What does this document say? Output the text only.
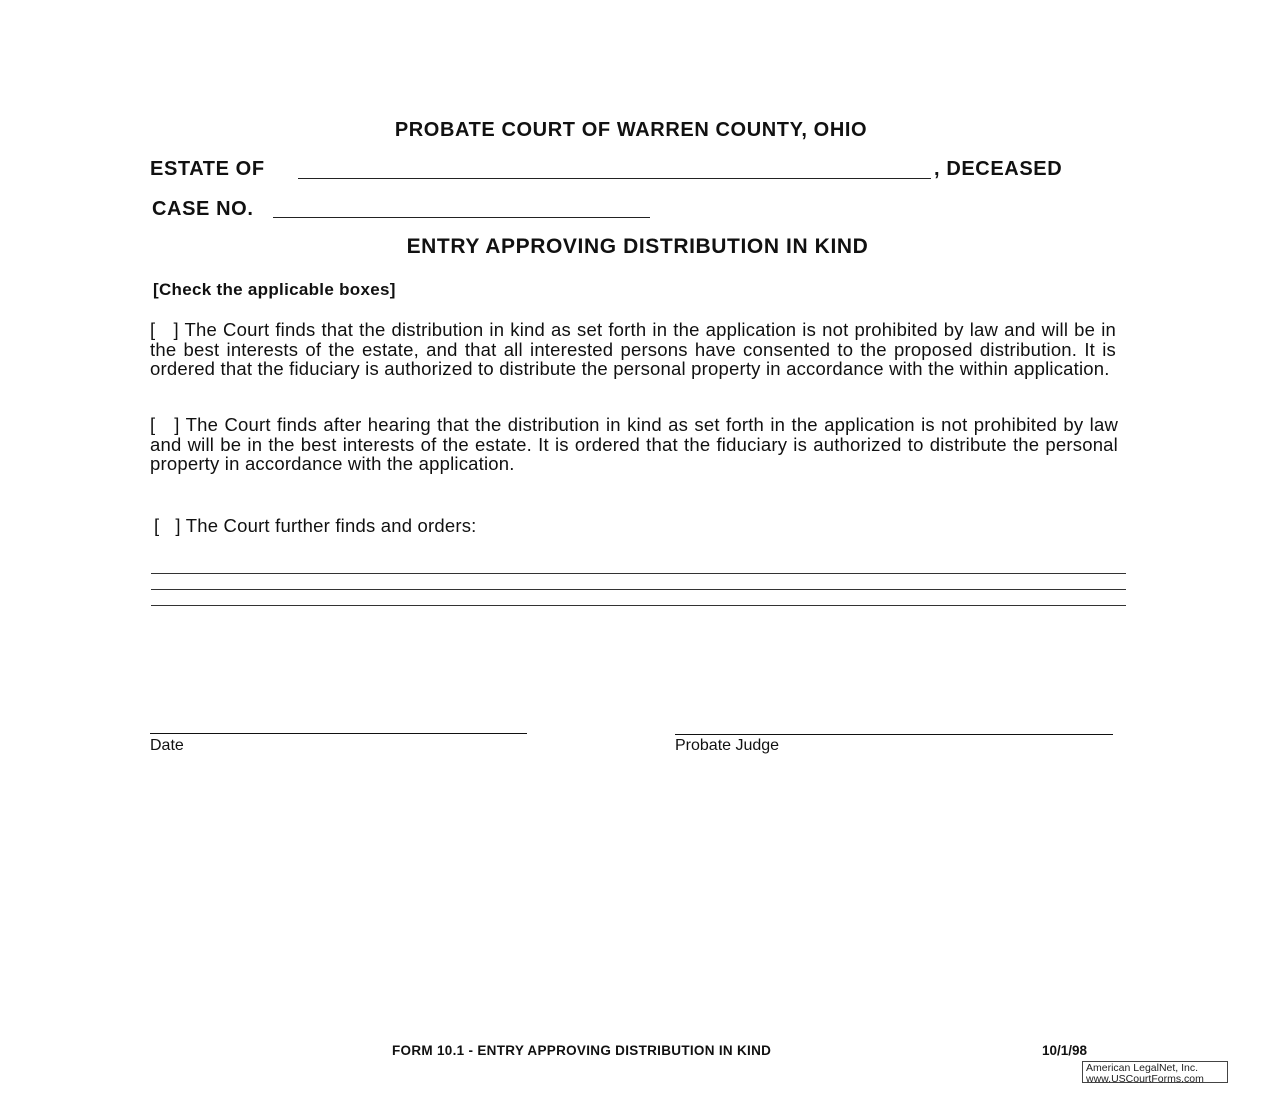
PROBATE COURT OF WARREN COUNTY, OHIO
ESTATE OF	, DECEASED
CASE NO.
ENTRY APPROVING DISTRIBUTION IN KIND
[Check the applicable boxes]
[   ] The Court finds that the distribution in kind as set forth in the application is not prohibited by law and will be in the best interests of the estate, and that all interested persons have consented to the proposed distribution. It is ordered that the fiduciary is authorized to distribute the personal property in accordance with the within application.
[   ] The Court finds after hearing that the distribution in kind as set forth in the application is not prohibited by law and will be in the best interests of the estate. It is ordered that the fiduciary is authorized to distribute the personal property in accordance with the application.
[   ] The Court further finds and orders:
Date	Probate Judge
FORM 10.1 - ENTRY APPROVING DISTRIBUTION IN KIND	10/1/98
American LegalNet, Inc.
www.USCourtForms.com
